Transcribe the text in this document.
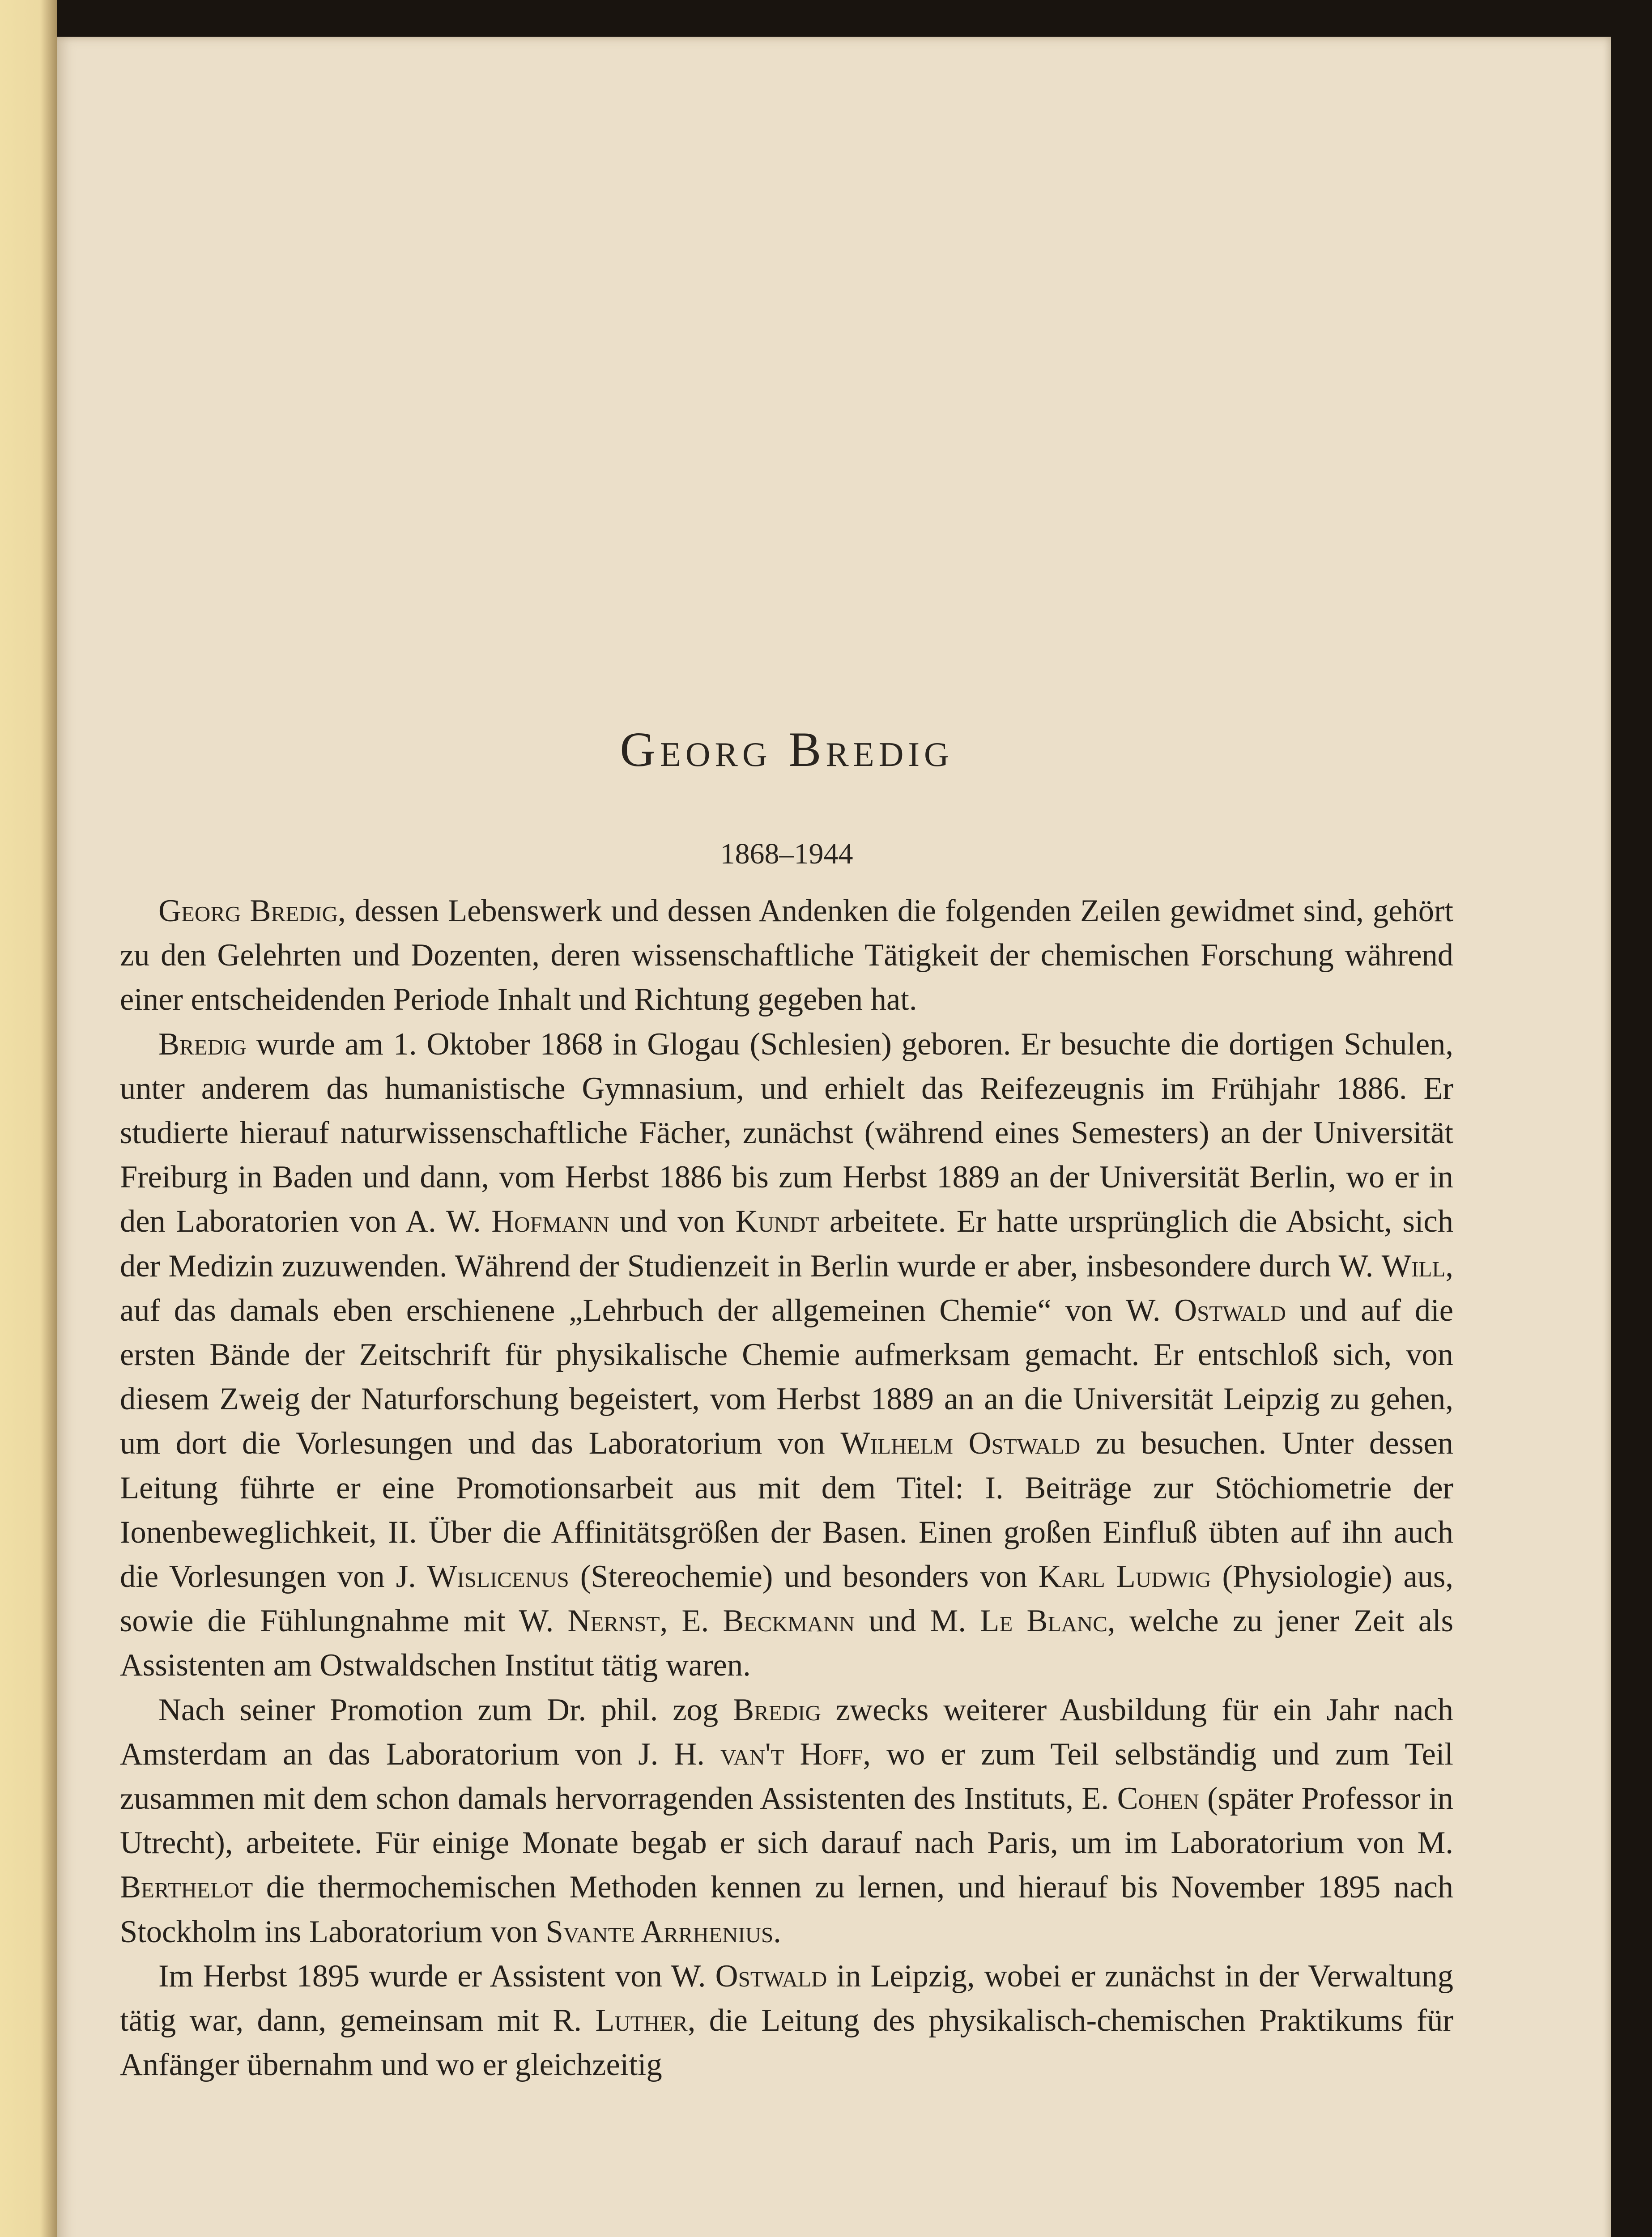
Georg Bredig
1868–1944

Georg Bredig, dessen Lebenswerk und dessen Andenken die folgenden Zeilen gewidmet sind, gehört zu den Gelehrten und Dozenten, deren wissenschaftliche Tätigkeit der chemischen Forschung während einer entscheidenden Periode Inhalt und Richtung gegeben hat.

Bredig wurde am 1. Oktober 1868 in Glogau (Schlesien) geboren. Er besuchte die dortigen Schulen, unter anderem das humanistische Gymnasium, und erhielt das Reifezeugnis im Frühjahr 1886. Er studierte hierauf naturwissenschaftliche Fächer, zunächst (während eines Semesters) an der Universität Freiburg in Baden und dann, vom Herbst 1886 bis zum Herbst 1889 an der Universität Berlin, wo er in den Laboratorien von A. W. Hofmann und von Kundt arbeitete. Er hatte ursprünglich die Absicht, sich der Medizin zuzuwenden. Während der Studienzeit in Berlin wurde er aber, insbesondere durch W. Will, auf das damals eben erschienene „Lehrbuch der allgemeinen Chemie“ von W. Ostwald und auf die ersten Bände der Zeitschrift für physikalische Chemie aufmerksam gemacht. Er entschloß sich, von diesem Zweig der Naturforschung begeistert, vom Herbst 1889 an an die Universität Leipzig zu gehen, um dort die Vorlesungen und das Laboratorium von Wilhelm Ostwald zu besuchen. Unter dessen Leitung führte er eine Promotionsarbeit aus mit dem Titel: I. Beiträge zur Stöchiometrie der Ionenbeweglichkeit, II. Über die Affinitätsgrößen der Basen. Einen großen Einfluß übten auf ihn auch die Vorlesungen von J. Wislicenus (Stereochemie) und besonders von Karl Ludwig (Physiologie) aus, sowie die Fühlungnahme mit W. Nernst, E. Beckmann und M. Le Blanc, welche zu jener Zeit als Assistenten am Ostwaldschen Institut tätig waren.

Nach seiner Promotion zum Dr. phil. zog Bredig zwecks weiterer Ausbildung für ein Jahr nach Amsterdam an das Laboratorium von J. H. van't Hoff, wo er zum Teil selbständig und zum Teil zusammen mit dem schon damals hervorragenden Assistenten des Instituts, E. Cohen (später Professor in Utrecht), arbeitete. Für einige Monate begab er sich darauf nach Paris, um im Laboratorium von M. Berthelot die thermochemischen Methoden kennen zu lernen, und hierauf bis November 1895 nach Stockholm ins Laboratorium von Svante Arrhenius.

Im Herbst 1895 wurde er Assistent von W. Ostwald in Leipzig, wobei er zunächst in der Verwaltung tätig war, dann, gemeinsam mit R. Luther, die Leitung des physikalisch-chemischen Praktikums für Anfänger übernahm und wo er gleichzeitig
